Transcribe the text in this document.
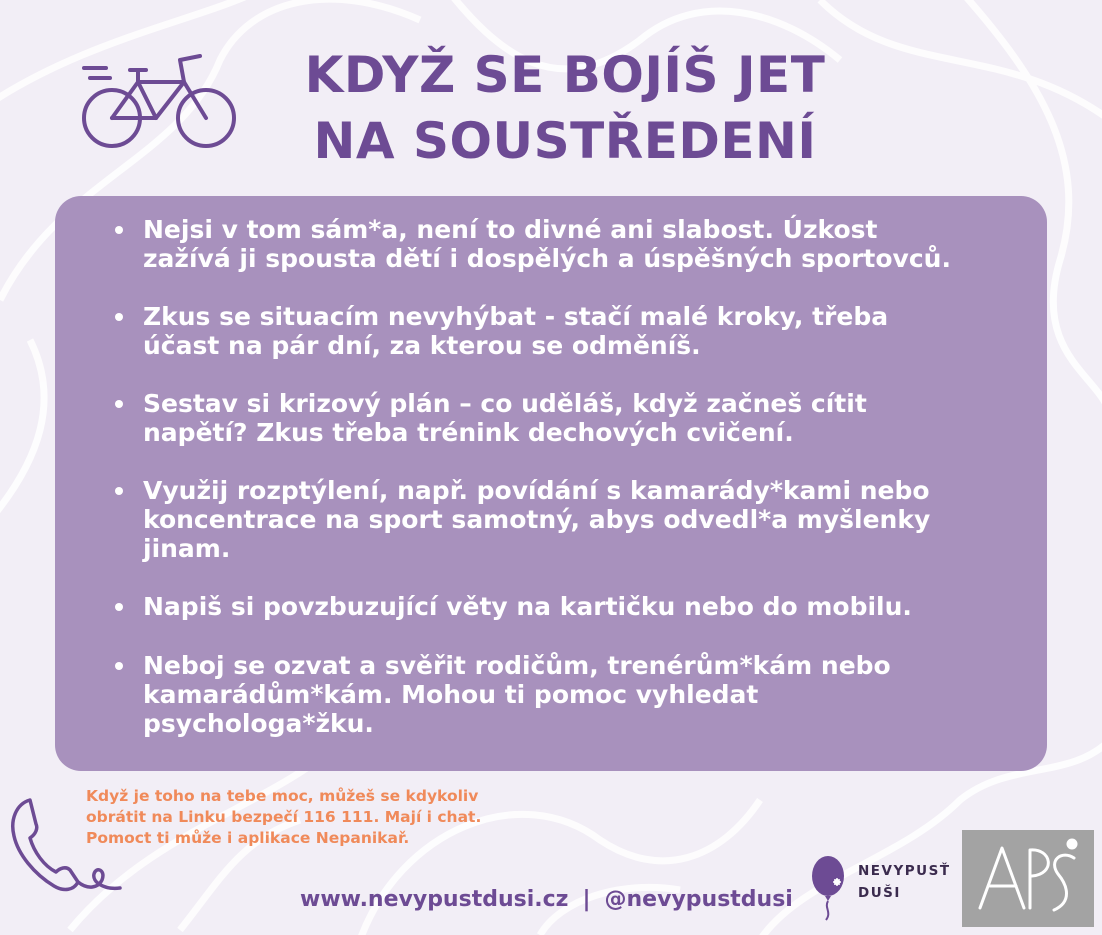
KDYŽ SE BOJÍŠ JET
NA SOUSTŘEDENÍ
Nejsi v tom sám*a, není to divné ani slabost. Úzkost
zažívá ji spousta dětí i dospělých a úspěšných sportovců.
Zkus se situacím nevyhýbat - stačí malé kroky, třeba
účast na pár dní, za kterou se odměníš.
Sestav si krizový plán – co uděláš, když začneš cítit
napětí? Zkus třeba trénink dechových cvičení.
Využij rozptýlení, např. povídání s kamarády*kami nebo
koncentrace na sport samotný, abys odvedl*a myšlenky
jinam.
Napiš si povzbuzující věty na kartičku nebo do mobilu.
Neboj se ozvat a svěřit rodičům, trenérům*kám nebo
kamarádům*kám. Mohou ti pomoc vyhledat
psychologa*žku.
Když je toho na tebe moc, můžeš se kdykoliv
obrátit na Linku bezpečí 116 111. Mají i chat.
Pomoct ti může i aplikace Nepanikař.
www.nevypustdusi.cz | @nevypustdusi
NEVYPUSŤ
DUŠI
